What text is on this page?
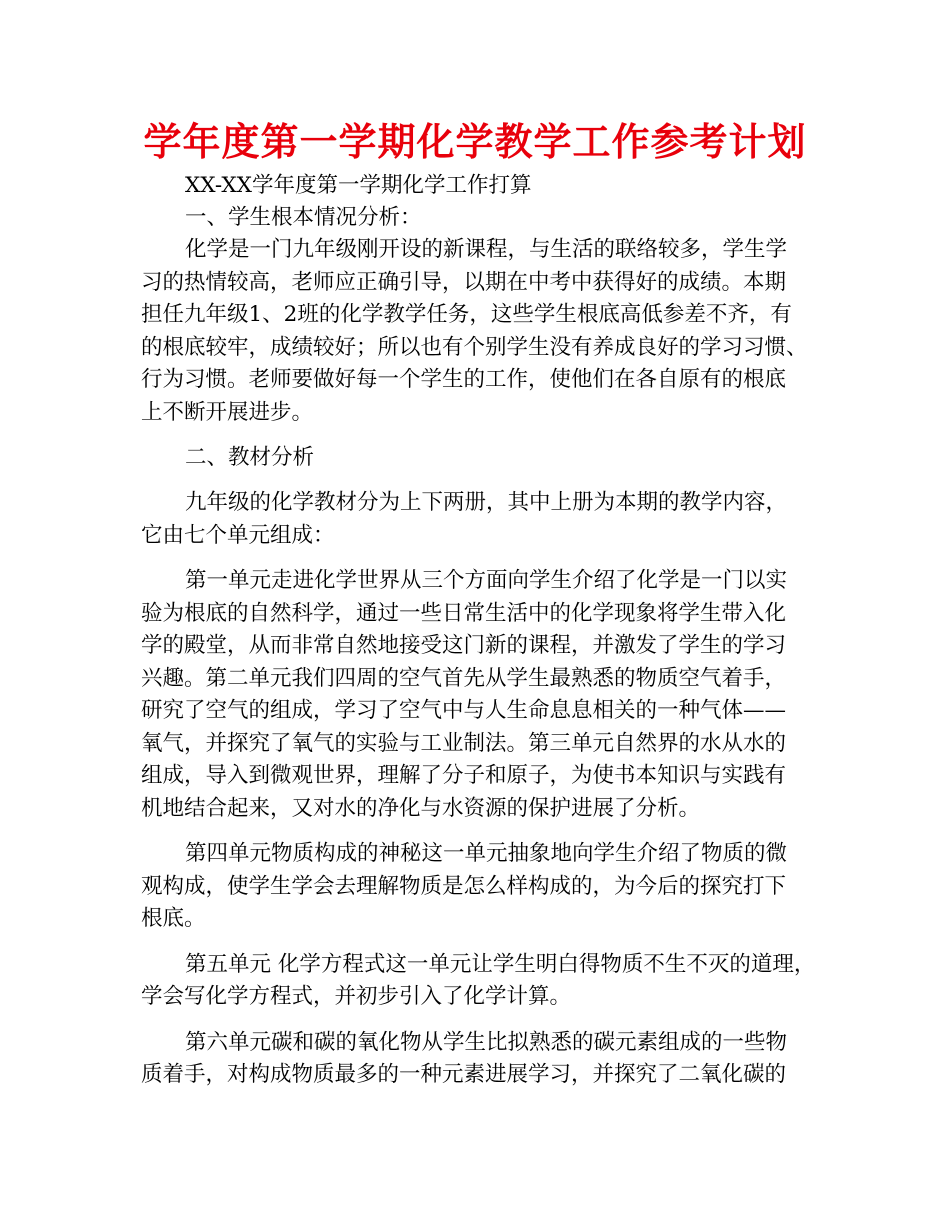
学年度第一学期化学教学工作参考计划
XX-XX学年度第一学期化学工作打算
一、学生根本情况分析：
化学是一门九年级刚开设的新课程，与生活的联络较多，学生学
习的热情较高，老师应正确引导，以期在中考中获得好的成绩。本期
担任九年级1、2班的化学教学任务，这些学生根底高低参差不齐，有
的根底较牢，成绩较好；所以也有个别学生没有养成良好的学习习惯、
行为习惯。老师要做好每一个学生的工作，使他们在各自原有的根底
上不断开展进步。
二、教材分析
九年级的化学教材分为上下两册，其中上册为本期的教学内容，
它由七个单元组成：
第一单元走进化学世界从三个方面向学生介绍了化学是一门以实
验为根底的自然科学，通过一些日常生活中的化学现象将学生带入化
学的殿堂，从而非常自然地接受这门新的课程，并激发了学生的学习
兴趣。第二单元我们四周的空气首先从学生最熟悉的物质空气着手，
研究了空气的组成，学习了空气中与人生命息息相关的一种气体——
氧气，并探究了氧气的实验与工业制法。第三单元自然界的水从水的
组成，导入到微观世界，理解了分子和原子，为使书本知识与实践有
机地结合起来，又对水的净化与水资源的保护进展了分析。
第四单元物质构成的神秘这一单元抽象地向学生介绍了物质的微
观构成，使学生学会去理解物质是怎么样构成的，为今后的探究打下
根底。
第五单元 化学方程式这一单元让学生明白得物质不生不灭的道理，
学会写化学方程式，并初步引入了化学计算。
第六单元碳和碳的氧化物从学生比拟熟悉的碳元素组成的一些物
质着手，对构成物质最多的一种元素进展学习，并探究了二氧化碳的
